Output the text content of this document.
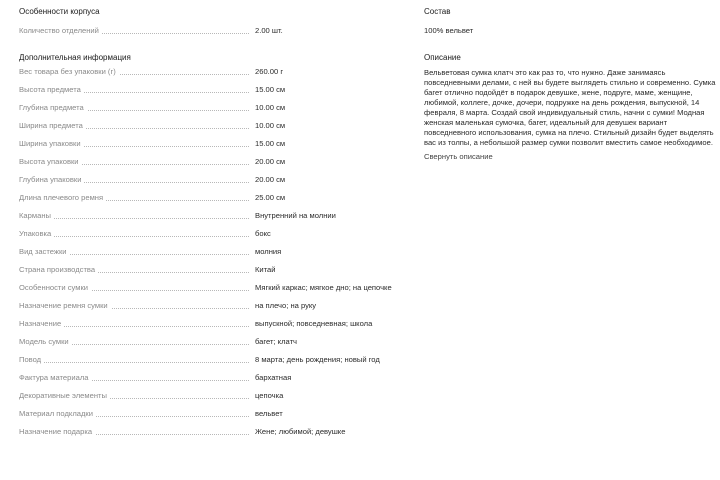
Особенности корпуса
Количество отделений	2.00 шт.
Дополнительная информация
Вес товара без упаковки (г)	260.00 г
Высота предмета	15.00 см
Глубина предмета	10.00 см
Ширина предмета	10.00 см
Ширина упаковки	15.00 см
Высота упаковки	20.00 см
Глубина упаковки	20.00 см
Длина плечевого ремня	25.00 см
Карманы	Внутренний на молнии
Упаковка	бокс
Вид застежки	молния
Страна производства	Китай
Особенности сумки	Мягкий каркас; мягкое дно; на цепочке
Назначение ремня сумки	на плечо; на руку
Назначение	выпускной; повседневная; школа
Модель сумки	багет; клатч
Повод	8 марта; день рождения; новый год
Фактура материала	бархатная
Декоративные элементы	цепочка
Материал подкладки	вельвет
Назначение подарка	Жене; любимой; девушке
Состав
100% вельвет
Описание
Вельветовая сумка клатч это как раз то, что нужно. Даже занимаясь повседневными делами, с ней вы будете выглядеть стильно и современно. Сумка багет отлично подойдёт в подарок девушке, жене, подруге, маме, женщине, любимой, коллеге, дочке, дочери, подружке на день рождения, выпускной, 14 февраля, 8 марта. Создай свой индивидуальный стиль, начни с сумки! Модная женская маленькая сумочка, багет, идеальный для девушек вариант повседневного использования, сумка на плечо. Стильный дизайн будет выделять вас из толпы, а небольшой размер сумки позволит вместить самое необходимое.
Свернуть описание
